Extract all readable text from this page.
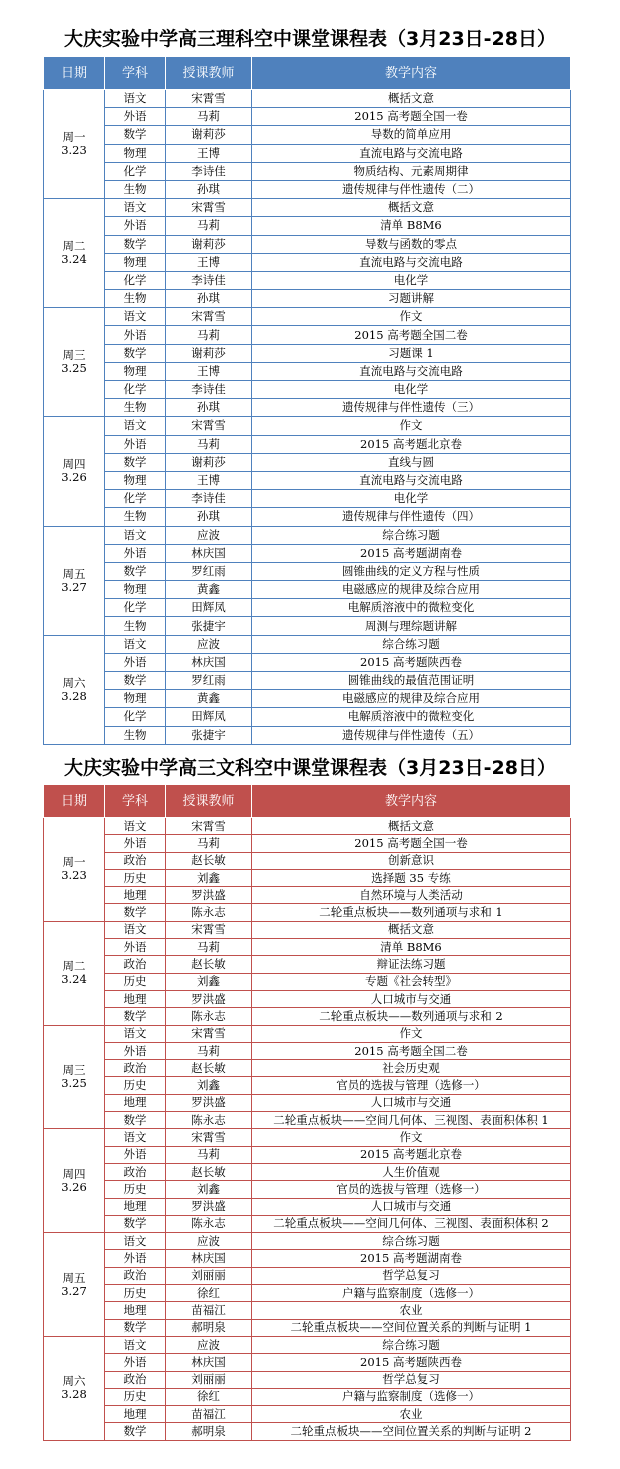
大庆实验中学高三理科空中课堂课程表（3月23日-28日）
日期	学科	授课教师	教学内容

周一
3.23	语文	宋霄雪	概括文意
	外语	马莉	2015 高考题全国一卷
	数学	谢莉莎	导数的简单应用
	物理	王博	直流电路与交流电路
	化学	李诗佳	物质结构、元素周期律
	生物	孙琪	遗传规律与伴性遗传（二）

周二
3.24	语文	宋霄雪	概括文意
	外语	马莉	清单 B8M6
	数学	谢莉莎	导数与函数的零点
	物理	王博	直流电路与交流电路
	化学	李诗佳	电化学
	生物	孙琪	习题讲解

周三
3.25	语文	宋霄雪	作文
	外语	马莉	2015 高考题全国二卷
	数学	谢莉莎	习题课 1
	物理	王博	直流电路与交流电路
	化学	李诗佳	电化学
	生物	孙琪	遗传规律与伴性遗传（三）

周四
3.26	语文	宋霄雪	作文
	外语	马莉	2015 高考题北京卷
	数学	谢莉莎	直线与圆
	物理	王博	直流电路与交流电路
	化学	李诗佳	电化学
	生物	孙琪	遗传规律与伴性遗传（四）

周五
3.27	语文	应波	综合练习题
	外语	林庆国	2015 高考题湖南卷
	数学	罗红雨	圆锥曲线的定义方程与性质
	物理	黄鑫	电磁感应的规律及综合应用
	化学	田辉凤	电解质溶液中的微粒变化
	生物	张捷宇	周测与理综题讲解

周六
3.28	语文	应波	综合练习题
	外语	林庆国	2015 高考题陕西卷
	数学	罗红雨	圆锥曲线的最值范围证明
	物理	黄鑫	电磁感应的规律及综合应用
	化学	田辉凤	电解质溶液中的微粒变化
	生物	张捷宇	遗传规律与伴性遗传（五）
大庆实验中学高三文科空中课堂课程表（3月23日-28日）
日期	学科	授课教师	教学内容

周一
3.23	语文	宋霄雪	概括文意
	外语	马莉	2015 高考题全国一卷
	政治	赵长敏	创新意识
	历史	刘鑫	选择题 35 专练
	地理	罗洪盛	自然环境与人类活动
	数学	陈永志	二轮重点板块——数列通项与求和 1

周二
3.24	语文	宋霄雪	概括文意
	外语	马莉	清单 B8M6
	政治	赵长敏	辩证法练习题
	历史	刘鑫	专题《社会转型》
	地理	罗洪盛	人口城市与交通
	数学	陈永志	二轮重点板块——数列通项与求和 2

周三
3.25	语文	宋霄雪	作文
	外语	马莉	2015 高考题全国二卷
	政治	赵长敏	社会历史观
	历史	刘鑫	官员的选拔与管理（选修一）
	地理	罗洪盛	人口城市与交通
	数学	陈永志	二轮重点板块——空间几何体、三视图、表面积体积 1

周四
3.26	语文	宋霄雪	作文
	外语	马莉	2015 高考题北京卷
	政治	赵长敏	人生价值观
	历史	刘鑫	官员的选拔与管理（选修一）
	地理	罗洪盛	人口城市与交通
	数学	陈永志	二轮重点板块——空间几何体、三视图、表面积体积 2

周五
3.27	语文	应波	综合练习题
	外语	林庆国	2015 高考题湖南卷
	政治	刘丽丽	哲学总复习
	历史	徐红	户籍与监察制度（选修一）
	地理	苗福江	农业
	数学	郝明泉	二轮重点板块——空间位置关系的判断与证明 1

周六
3.28	语文	应波	综合练习题
	外语	林庆国	2015 高考题陕西卷
	政治	刘丽丽	哲学总复习
	历史	徐红	户籍与监察制度（选修一）
	地理	苗福江	农业
	数学	郝明泉	二轮重点板块——空间位置关系的判断与证明 2
